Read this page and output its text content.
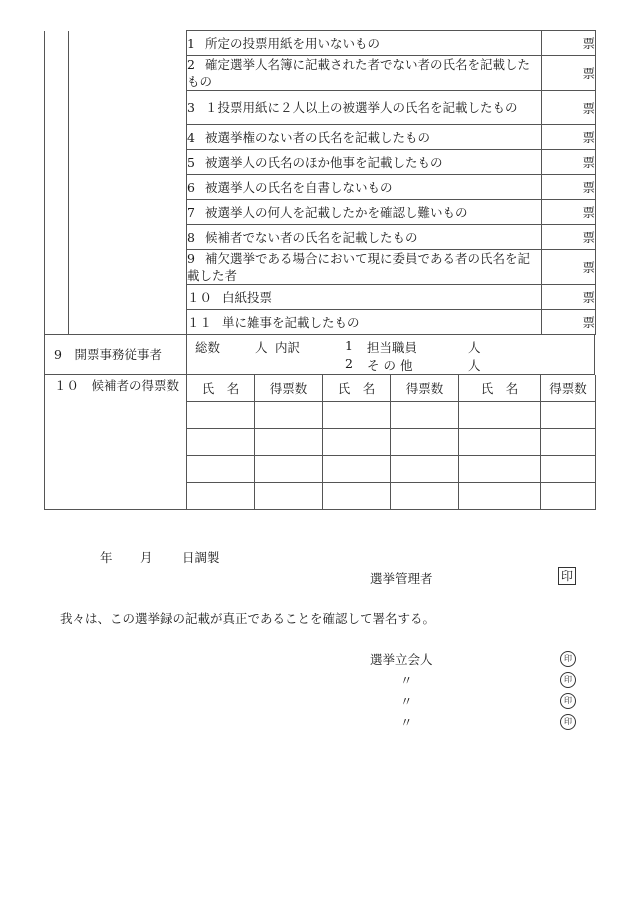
		1 所定の投票用紙を用いないもの	票
		2 確定選挙人名簿に記載された者でない者の氏名を記載したもの	票
		3 １投票用紙に２人以上の被選挙人の氏名を記載したもの	票
		4 被選挙権のない者の氏名を記載したもの	票
		5 被選挙人の氏名のほか他事を記載したもの	票
		6 被選挙人の氏名を自書しないもの	票
		7 被選挙人の何人を記載したかを確認し難いもの	票
		8 候補者でない者の氏名を記載したもの	票
		9 補欠選挙である場合において現に委員である者の氏名を記載した者	票
		１０ 白紙投票	票
		１１ 単に雑事を記載したもの	票
9　開票事務従事者	総数	人 内訳	1 担当職員	人
2 そ の 他	人
１０　候補者の得票数	氏　名	得票数	氏　名	得票数	氏　名	得票数

年 月 日調製
選挙管理者	印
我々は、この選挙録の記載が真正であることを確認して署名する。
選挙立会人	印
〃	印
〃	印
〃	印
